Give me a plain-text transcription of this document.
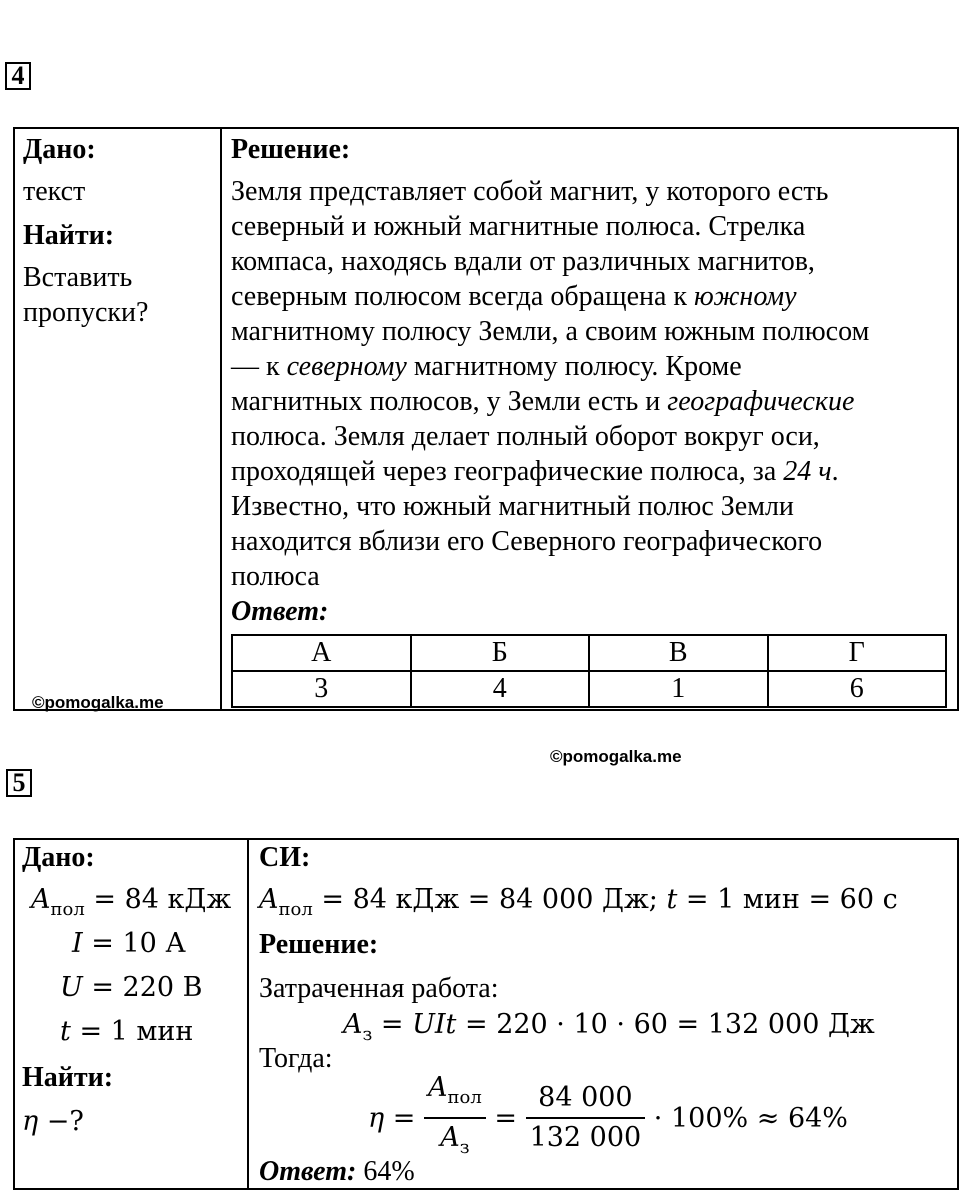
4
Дано:
текст
Найти:
Вставить
пропуски?
Решение:
Земля представляет собой магнит, у которого есть
северный и южный магнитные полюса. Стрелка
компаса, находясь вдали от различных магнитов,
северным полюсом всегда обращена к южному
магнитному полюсу Земли, а своим южным полюсом
— к северному магнитному полюсу. Кроме
магнитных полюсов, у Земли есть и географические
полюса. Земля делает полный оборот вокруг оси,
проходящей через географические полюса, за 24 ч.
Известно, что южный магнитный полюс Земли
находится вблизи его Северного географического
полюса
Ответ:
А	Б	В	Г
3	4	1	6
©pomogalka.me
©pomogalka.me
5
Дано:
$A_{пол} = 84$ кДж
I = 10 А
U = 220 В
t = 1 мин
Найти:
η −?
СИ:
$A_{пол} = 84$ кДж = 84 000 Дж; t = 1 мин = 60 с
Решение:
Затраченная работа:
$A_з$ = UIt = 220 · 10 · 60 = 132 000 Дж
Тогда:
$\eta = \frac{A_{пол}}{A_з} = \frac{84 000}{132 000} \cdot 100\% \approx 64\%$
Ответ: 64%
